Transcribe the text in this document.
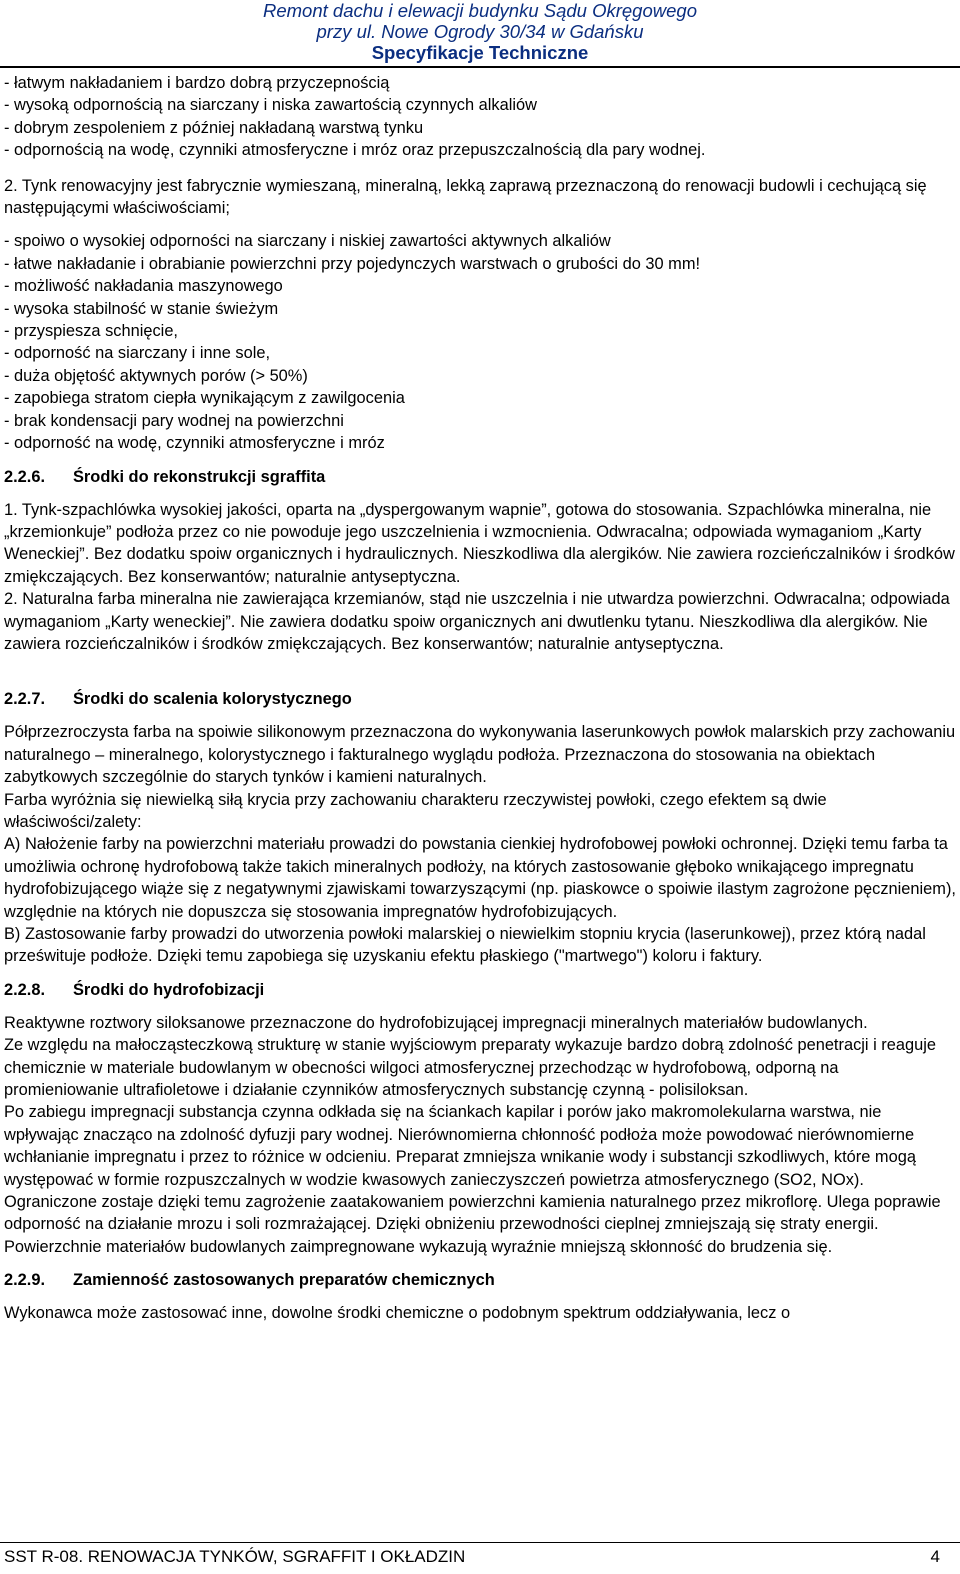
Remont dachu i elewacji budynku Sądu Okręgowego
przy ul. Nowe Ogrody 30/34 w Gdańsku
Specyfikacje Techniczne

- łatwym nakładaniem i bardzo dobrą przyczepnością

- wysoką odpornością na siarczany i niska zawartością czynnych alkaliów

- dobrym zespoleniem z później nakładaną warstwą tynku

- odpornością na wodę, czynniki atmosferyczne i mróz oraz przepuszczalnością dla pary wodnej.

2. Tynk renowacyjny jest fabrycznie wymieszaną, mineralną, lekką zaprawą przeznaczoną do renowacji budowli i cechującą się następującymi właściwościami;

- spoiwo o wysokiej odporności na siarczany i niskiej zawartości aktywnych alkaliów

- łatwe nakładanie i obrabianie powierzchni przy pojedynczych warstwach o grubości do 30 mm!

- możliwość nakładania maszynowego

- wysoka stabilność w stanie świeżym

- przyspiesza schnięcie,

- odporność na siarczany i inne sole,

- duża objętość aktywnych porów (> 50%)

- zapobiega stratom ciepła wynikającym z zawilgocenia

- brak kondensacji pary wodnej na powierzchni

- odporność na wodę, czynniki atmosferyczne i mróz

2.2.6. Środki do rekonstrukcji sgraffita

1. Tynk-szpachlówka wysokiej jakości, oparta na „dyspergowanym wapnie”, gotowa do stosowania. Szpachlówka mineralna, nie „krzemionkuje” podłoża przez co nie powoduje jego uszczelnienia i wzmocnienia. Odwracalna; odpowiada wymaganiom „Karty Weneckiej”. Bez dodatku spoiw organicznych i hydraulicznych. Nieszkodliwa dla alergików. Nie zawiera rozcieńczalników i środków zmiękczających. Bez konserwantów; naturalnie antyseptyczna.

2. Naturalna farba mineralna nie zawierająca krzemianów, stąd nie uszczelnia i nie utwardza powierzchni. Odwracalna; odpowiada wymaganiom „Karty weneckiej”. Nie zawiera dodatku spoiw organicznych ani dwutlenku tytanu. Nieszkodliwa dla alergików. Nie zawiera rozcieńczalników i środków zmiękczających. Bez konserwantów; naturalnie antyseptyczna.

2.2.7. Środki do scalenia kolorystycznego

Półprzezroczysta farba na spoiwie silikonowym przeznaczona do wykonywania laserunkowych powłok malarskich przy zachowaniu naturalnego – mineralnego, kolorystycznego i fakturalnego wyglądu podłoża. Przeznaczona do stosowania na obiektach zabytkowych szczególnie do starych tynków i kamieni naturalnych.

Farba wyróżnia się niewielką siłą krycia przy zachowaniu charakteru rzeczywistej powłoki, czego efektem są dwie właściwości/zalety:

A) Nałożenie farby na powierzchni materiału prowadzi do powstania cienkiej hydrofobowej powłoki ochronnej. Dzięki temu farba ta umożliwia ochronę hydrofobową także takich mineralnych podłoży, na których zastosowanie głęboko wnikającego impregnatu hydrofobizującego wiąże się z negatywnymi zjawiskami towarzyszącymi (np. piaskowce o spoiwie ilastym zagrożone pęcznieniem), względnie na których nie dopuszcza się stosowania impregnatów hydrofobizujących.

B) Zastosowanie farby prowadzi do utworzenia powłoki malarskiej o niewielkim stopniu krycia (laserunkowej), przez którą nadal prześwituje podłoże. Dzięki temu zapobiega się uzyskaniu efektu płaskiego ("martwego") koloru i faktury.

2.2.8. Środki do hydrofobizacji

Reaktywne roztwory siloksanowe przeznaczone do hydrofobizującej impregnacji mineralnych materiałów budowlanych.

Ze względu na małocząsteczkową strukturę w stanie wyjściowym preparaty wykazuje bardzo dobrą zdolność penetracji i reaguje chemicznie w materiale budowlanym w obecności wilgoci atmosferycznej przechodząc w hydrofobową, odporną na promieniowanie ultrafioletowe i działanie czynników atmosferycznych substancję czynną - polisiloksan.

Po zabiegu impregnacji substancja czynna odkłada się na ściankach kapilar i porów jako makromolekularna warstwa, nie wpływając znacząco na zdolność dyfuzji pary wodnej. Nierównomierna chłonność podłoża może powodować nierównomierne wchłanianie impregnatu i przez to różnice w odcieniu. Preparat zmniejsza wnikanie wody i substancji szkodliwych, które mogą występować w formie rozpuszczalnych w wodzie kwasowych zanieczyszczeń powietrza atmosferycznego (SO2, NOx). Ograniczone zostaje dzięki temu zagrożenie zaatakowaniem powierzchni kamienia naturalnego przez mikroflorę. Ulega poprawie odporność na działanie mrozu i soli rozmrażającej. Dzięki obniżeniu przewodności cieplnej zmniejszają się straty energii. Powierzchnie materiałów budowlanych zaimpregnowane wykazują wyraźnie mniejszą skłonność do brudzenia się.

2.2.9. Zamienność zastosowanych preparatów chemicznych

Wykonawca może zastosować inne, dowolne środki chemiczne o podobnym spektrum oddziaływania, lecz o

SST R-08. RENOWACJA TYNKÓW, SGRAFFIT I OKŁADZIN	4
